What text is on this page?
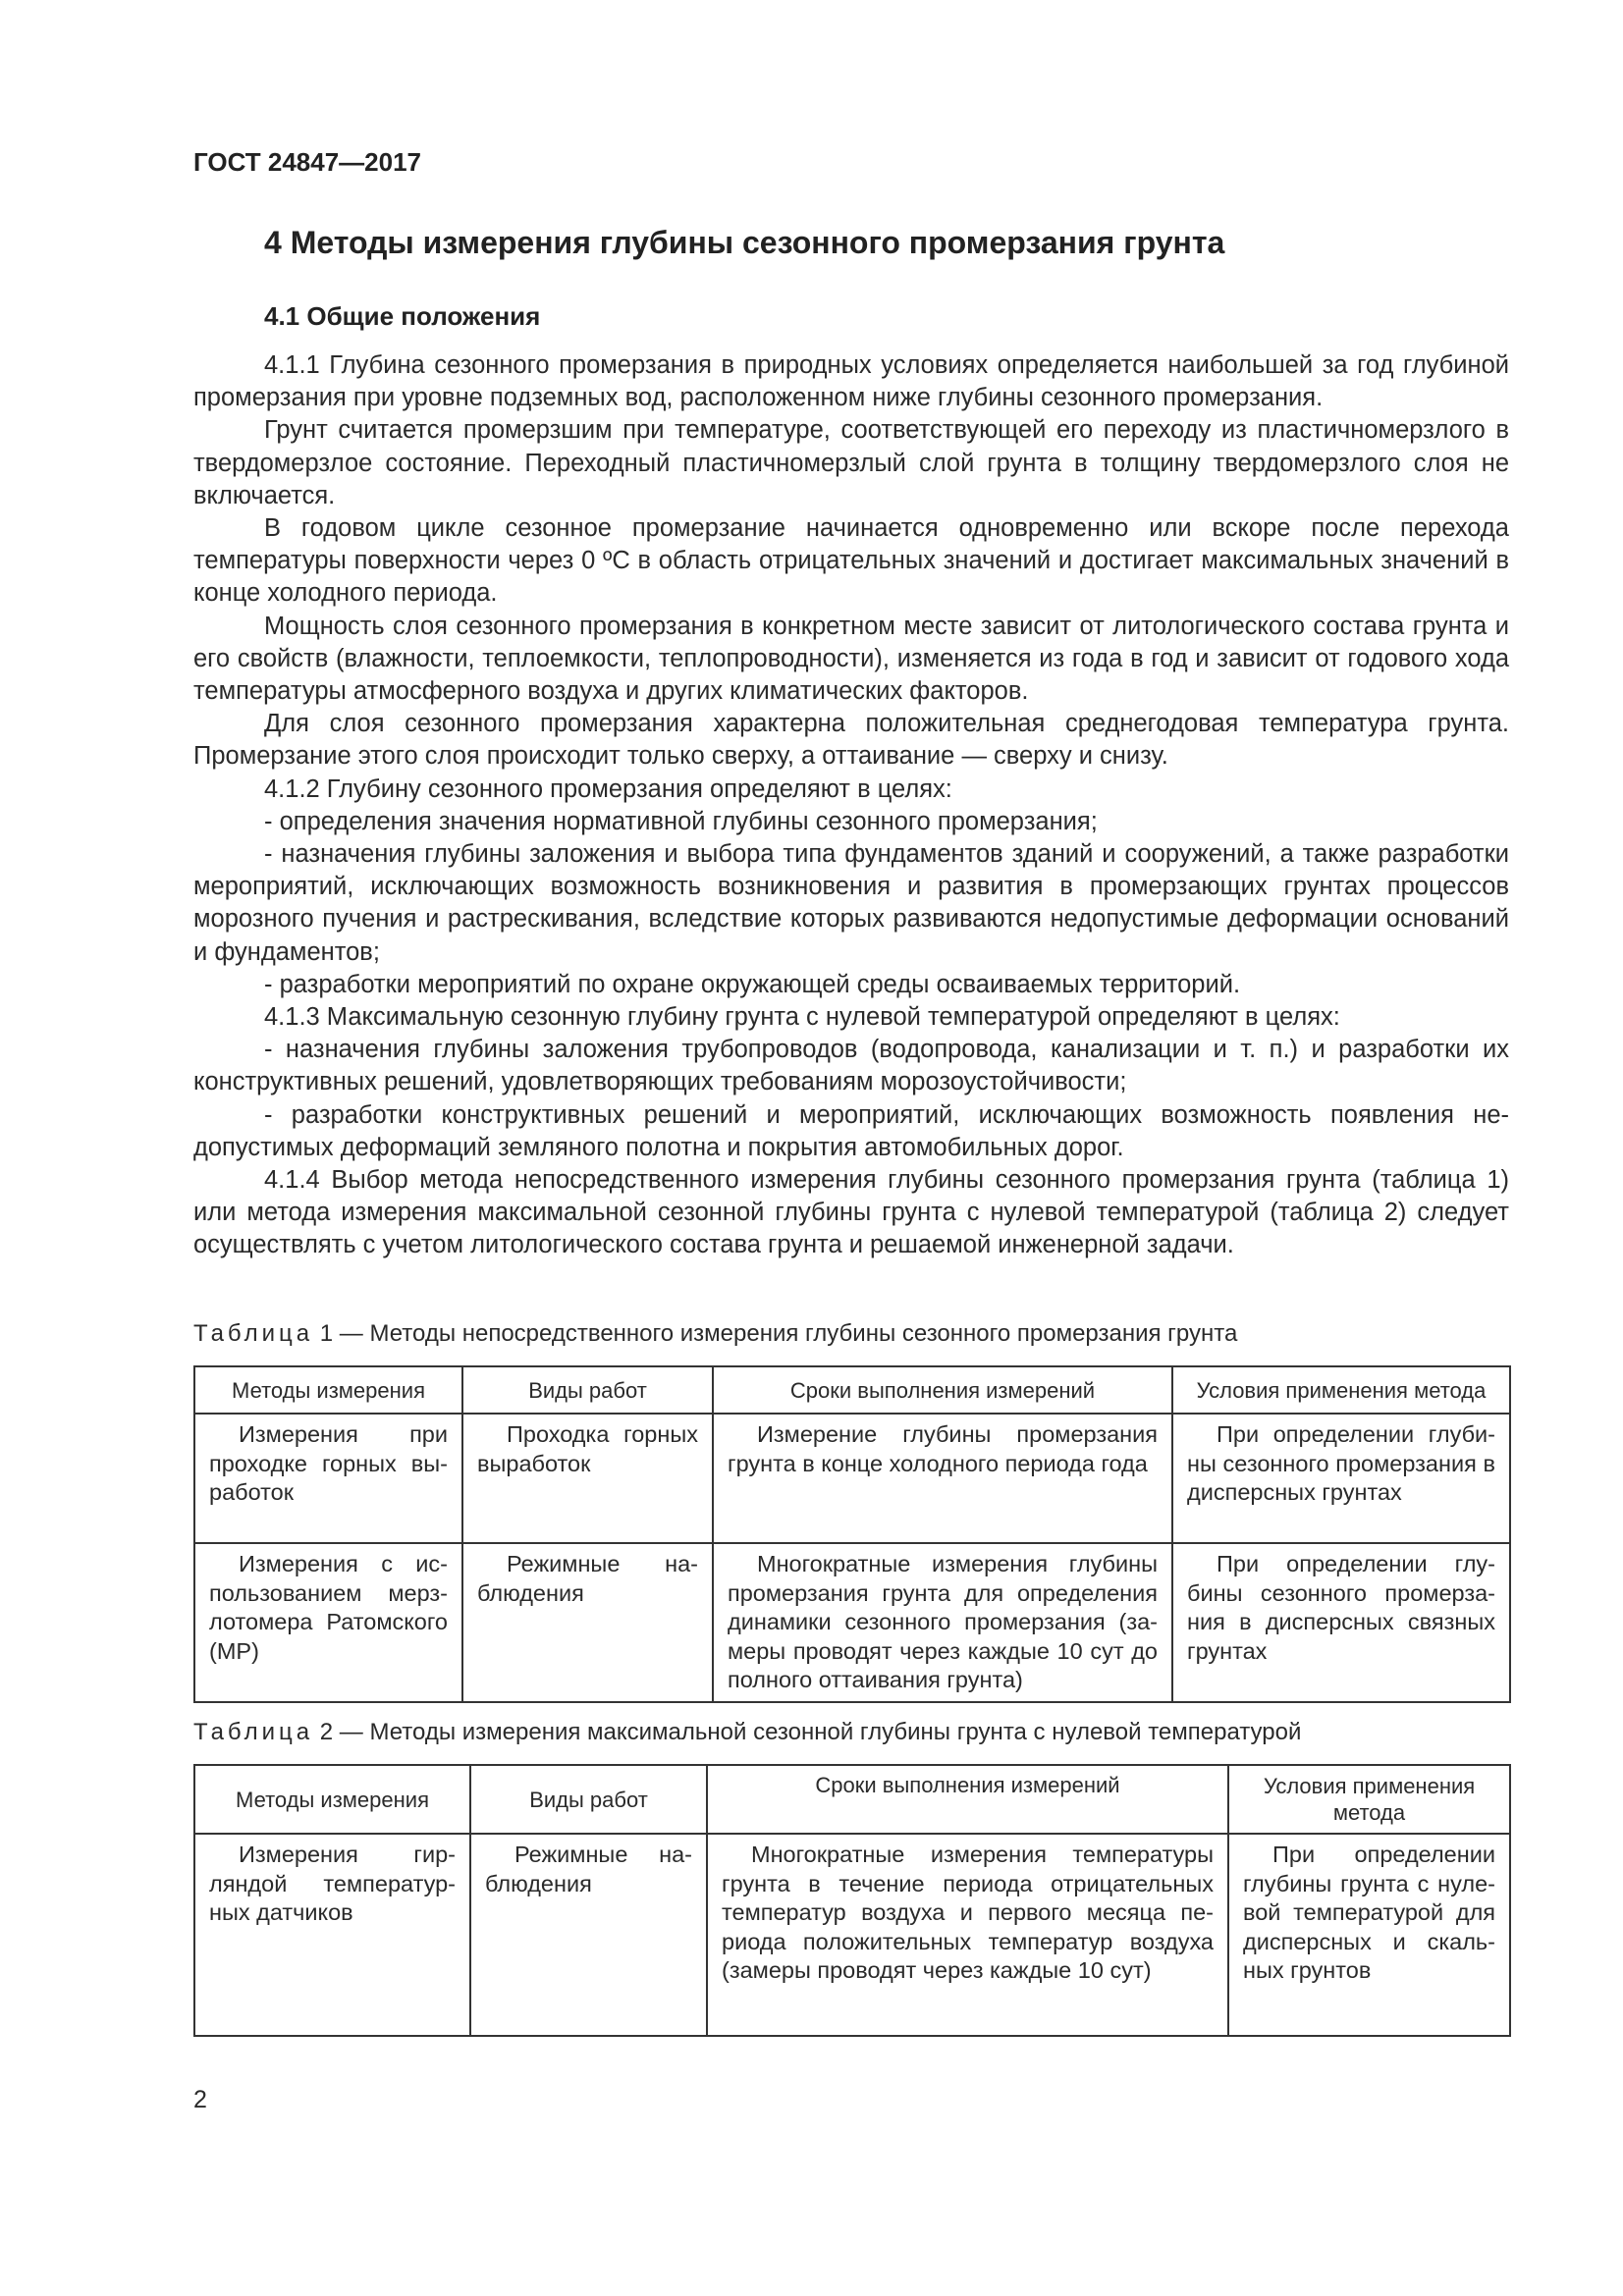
ГОСТ 24847—2017
4 Методы измерения глубины сезонного промерзания грунта
4.1 Общие положения

4.1.1 Глубина сезонного промерзания в природных условиях определяется наибольшей за год глубиной промерзания при уровне подземных вод, расположенном ниже глубины сезонного промерзания.

Грунт считается промерзшим при температуре, соответствующей его переходу из пластичномерзлого в твердомерзлое состояние. Переходный пластичномерзлый слой грунта в толщину твердомерзлого слоя не включается.

В годовом цикле сезонное промерзание начинается одновременно или вскоре после перехода температуры поверхности через 0 ºС в область отрицательных значений и достигает максимальных значений в конце холодного периода.

Мощность слоя сезонного промерзания в конкретном месте зависит от литологического состава грунта и его свойств (влажности, теплоемкости, теплопроводности), изменяется из года в год и зависит от годового хода температуры атмосферного воздуха и других климатических факторов.

Для слоя сезонного промерзания характерна положительная среднегодовая температура грунта. Промерзание этого слоя происходит только сверху, а оттаивание — сверху и снизу.

4.1.2 Глубину сезонного промерзания определяют в целях:

- определения значения нормативной глубины сезонного промерзания;

- назначения глубины заложения и выбора типа фундаментов зданий и сооружений, а также разработки мероприятий, исключающих возможность возникновения и развития в промерзающих грунтах процессов морозного пучения и растрескивания, вследствие которых развиваются недопустимые деформации оснований и фундаментов;

- разработки мероприятий по охране окружающей среды осваиваемых территорий.

4.1.3 Максимальную сезонную глубину грунта с нулевой температурой определяют в целях:

- назначения глубины заложения трубопроводов (водопровода, канализации и т. п.) и разработки их конструктивных решений, удовлетворяющих требованиям морозоустойчивости;

- разработки конструктивных решений и мероприятий, исключающих возможность появления недопустимых деформаций земляного полотна и покрытия автомобильных дорог.

4.1.4 Выбор метода непосредственного измерения глубины сезонного промерзания грунта (таблица 1) или метода измерения максимальной сезонной глубины грунта с нулевой температурой (таблица 2) следует осуществлять с учетом литологического состава грунта и решаемой инженерной задачи.

Таблица 1 — Методы непосредственного измерения глубины сезонного промерзания грунта
Методы измерения	Виды работ	Сроки выполнения измерений	Условия применения метода
Измерения при проходке горных выработок	Проходка горных выработок	Измерение глубины промерзания грунта в конце холодного периода года	При определении глубины сезонного промерзания в дисперсных грунтах
Измерения с использованием мерзлотомера Ратомского (МР)	Режимные наблюдения	Многократные измерения глубины промерзания грунта для определения динамики сезонного промерзания (замеры проводят через каждые 10 сут до полного оттаивания грунта)	При определении глубины сезонного промерзания в дисперсных связных грунтах
Таблица 2 — Методы измерения максимальной сезонной глубины грунта с нулевой температурой
Методы измерения	Виды работ	Сроки выполнения измерений	Условия применения метода
Измерения гирляндой температурных датчиков	Режимные наблюдения	Многократные измерения температуры грунта в течение периода отрицательных температур воздуха и первого месяца периода положительных температур воздуха (замеры проводят через каждые 10 сут)	При определении глубины грунта с нулевой температурой для дисперсных и скальных грунтов
2
